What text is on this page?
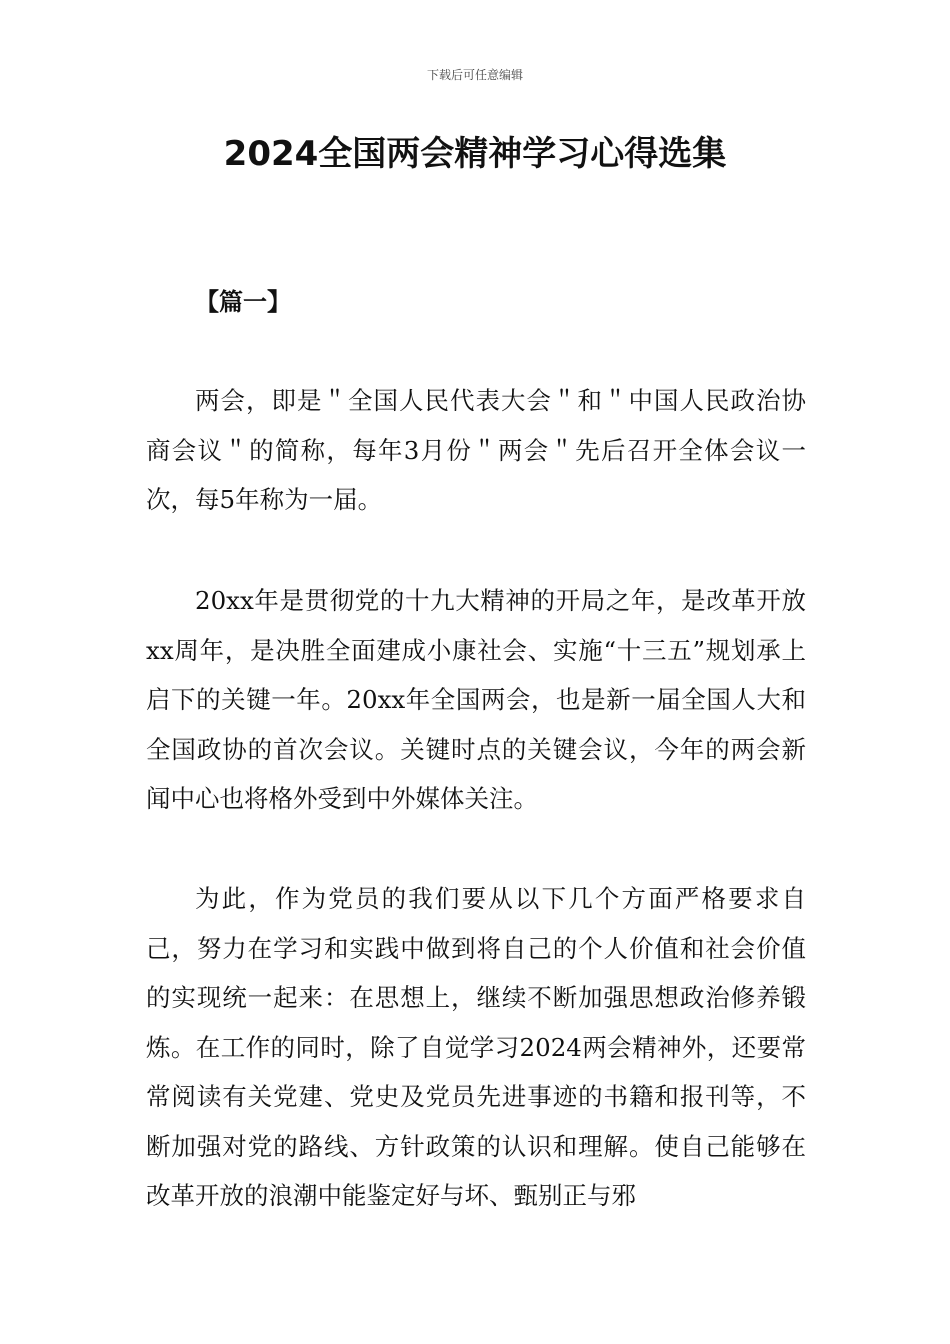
下载后可任意编辑
2024全国两会精神学习心得选集
【篇一】

两会，即是＂全国人民代表大会＂和＂中国人民政治协商会议＂的简称，每年3月份＂两会＂先后召开全体会议一次，每5年称为一届。

20xx年是贯彻党的十九大精神的开局之年，是改革开放xx周年，是决胜全面建成小康社会、实施“十三五”规划承上启下的关键一年。20xx年全国两会，也是新一届全国人大和全国政协的首次会议。关键时点的关键会议，今年的两会新闻中心也将格外受到中外媒体关注。

为此，作为党员的我们要从以下几个方面严格要求自己，努力在学习和实践中做到将自己的个人价值和社会价值的实现统一起来：在思想上，继续不断加强思想政治修养锻炼。在工作的同时，除了自觉学习2024两会精神外，还要常常阅读有关党建、党史及党员先进事迹的书籍和报刊等，不断加强对党的路线、方针政策的认识和理解。使自己能够在改革开放的浪潮中能鉴定好与坏、甄别正与邪
